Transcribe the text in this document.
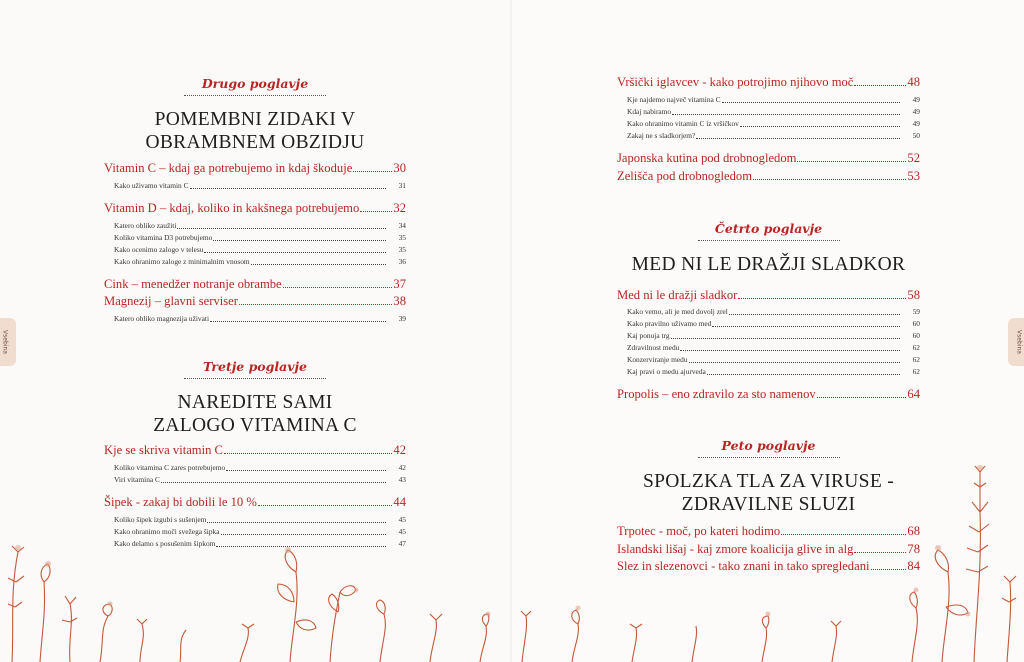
Drugo poglavje
POMEMBNI ZIDAKI V
OBRAMBNEM OBZIDJU
Vitamin C – kdaj ga potrebujemo in kdaj škoduje	30
Kako uživamo vitamin C	31
Vitamin D – kdaj, koliko in kakšnega potrebujemo	32
Katero obliko zaužiti	34
Koliko vitamina D3 potrebujemo	35
Kako ocenimo zalogo v telesu	35
Kako ohranimo zaloge z minimalnim vnosom	36
Cink – menedžer notranje obrambe	37
Magnezij – glavni serviser	38
Katero obliko magnezija uživati	39
Tretje poglavje
NAREDITE SAMI
ZALOGO VITAMINA C
Kje se skriva vitamin C	42
Koliko vitamina C zares potrebujemo	42
Viri vitamina C	43
Šipek - zakaj bi dobili le 10 %	44
Koliko šipek izgubi s sušenjem	45
Kako ohranimo moči svežega šipka	45
Kako delamo s posušenim šipkom	47
Vsebina
Vršički iglavcev - kako potrojimo njihovo moč	48
Kje najdemo največ vitamina C	49
Kdaj nabiramo	49
Kako ohranimo vitamin C iz vršičkov	49
Zakaj ne s sladkorjem?	50
Japonska kutina pod drobnogledom	52
Zelišča pod drobnogledom	53
Četrto poglavje
MED NI LE DRAŽJI SLADKOR
Med ni le dražji sladkor	58
Kako vemo, ali je med dovolj zrel	59
Kako pravilno uživamo med	60
Kaj ponuja trg	60
Zdravilnost medu	62
Konzerviranje medu	62
Kaj pravi o medu ajurveda	62
Propolis – eno zdravilo za sto namenov	64
Peto poglavje
SPOLZKA TLA ZA VIRUSE -
ZDRAVILNE SLUZI
Trpotec - moč, po kateri hodimo	68
Islandski lišaj - kaj zmore koalicija glive in alg	78
Slez in slezenovci - tako znani in tako spregledani	84
Vsebina
